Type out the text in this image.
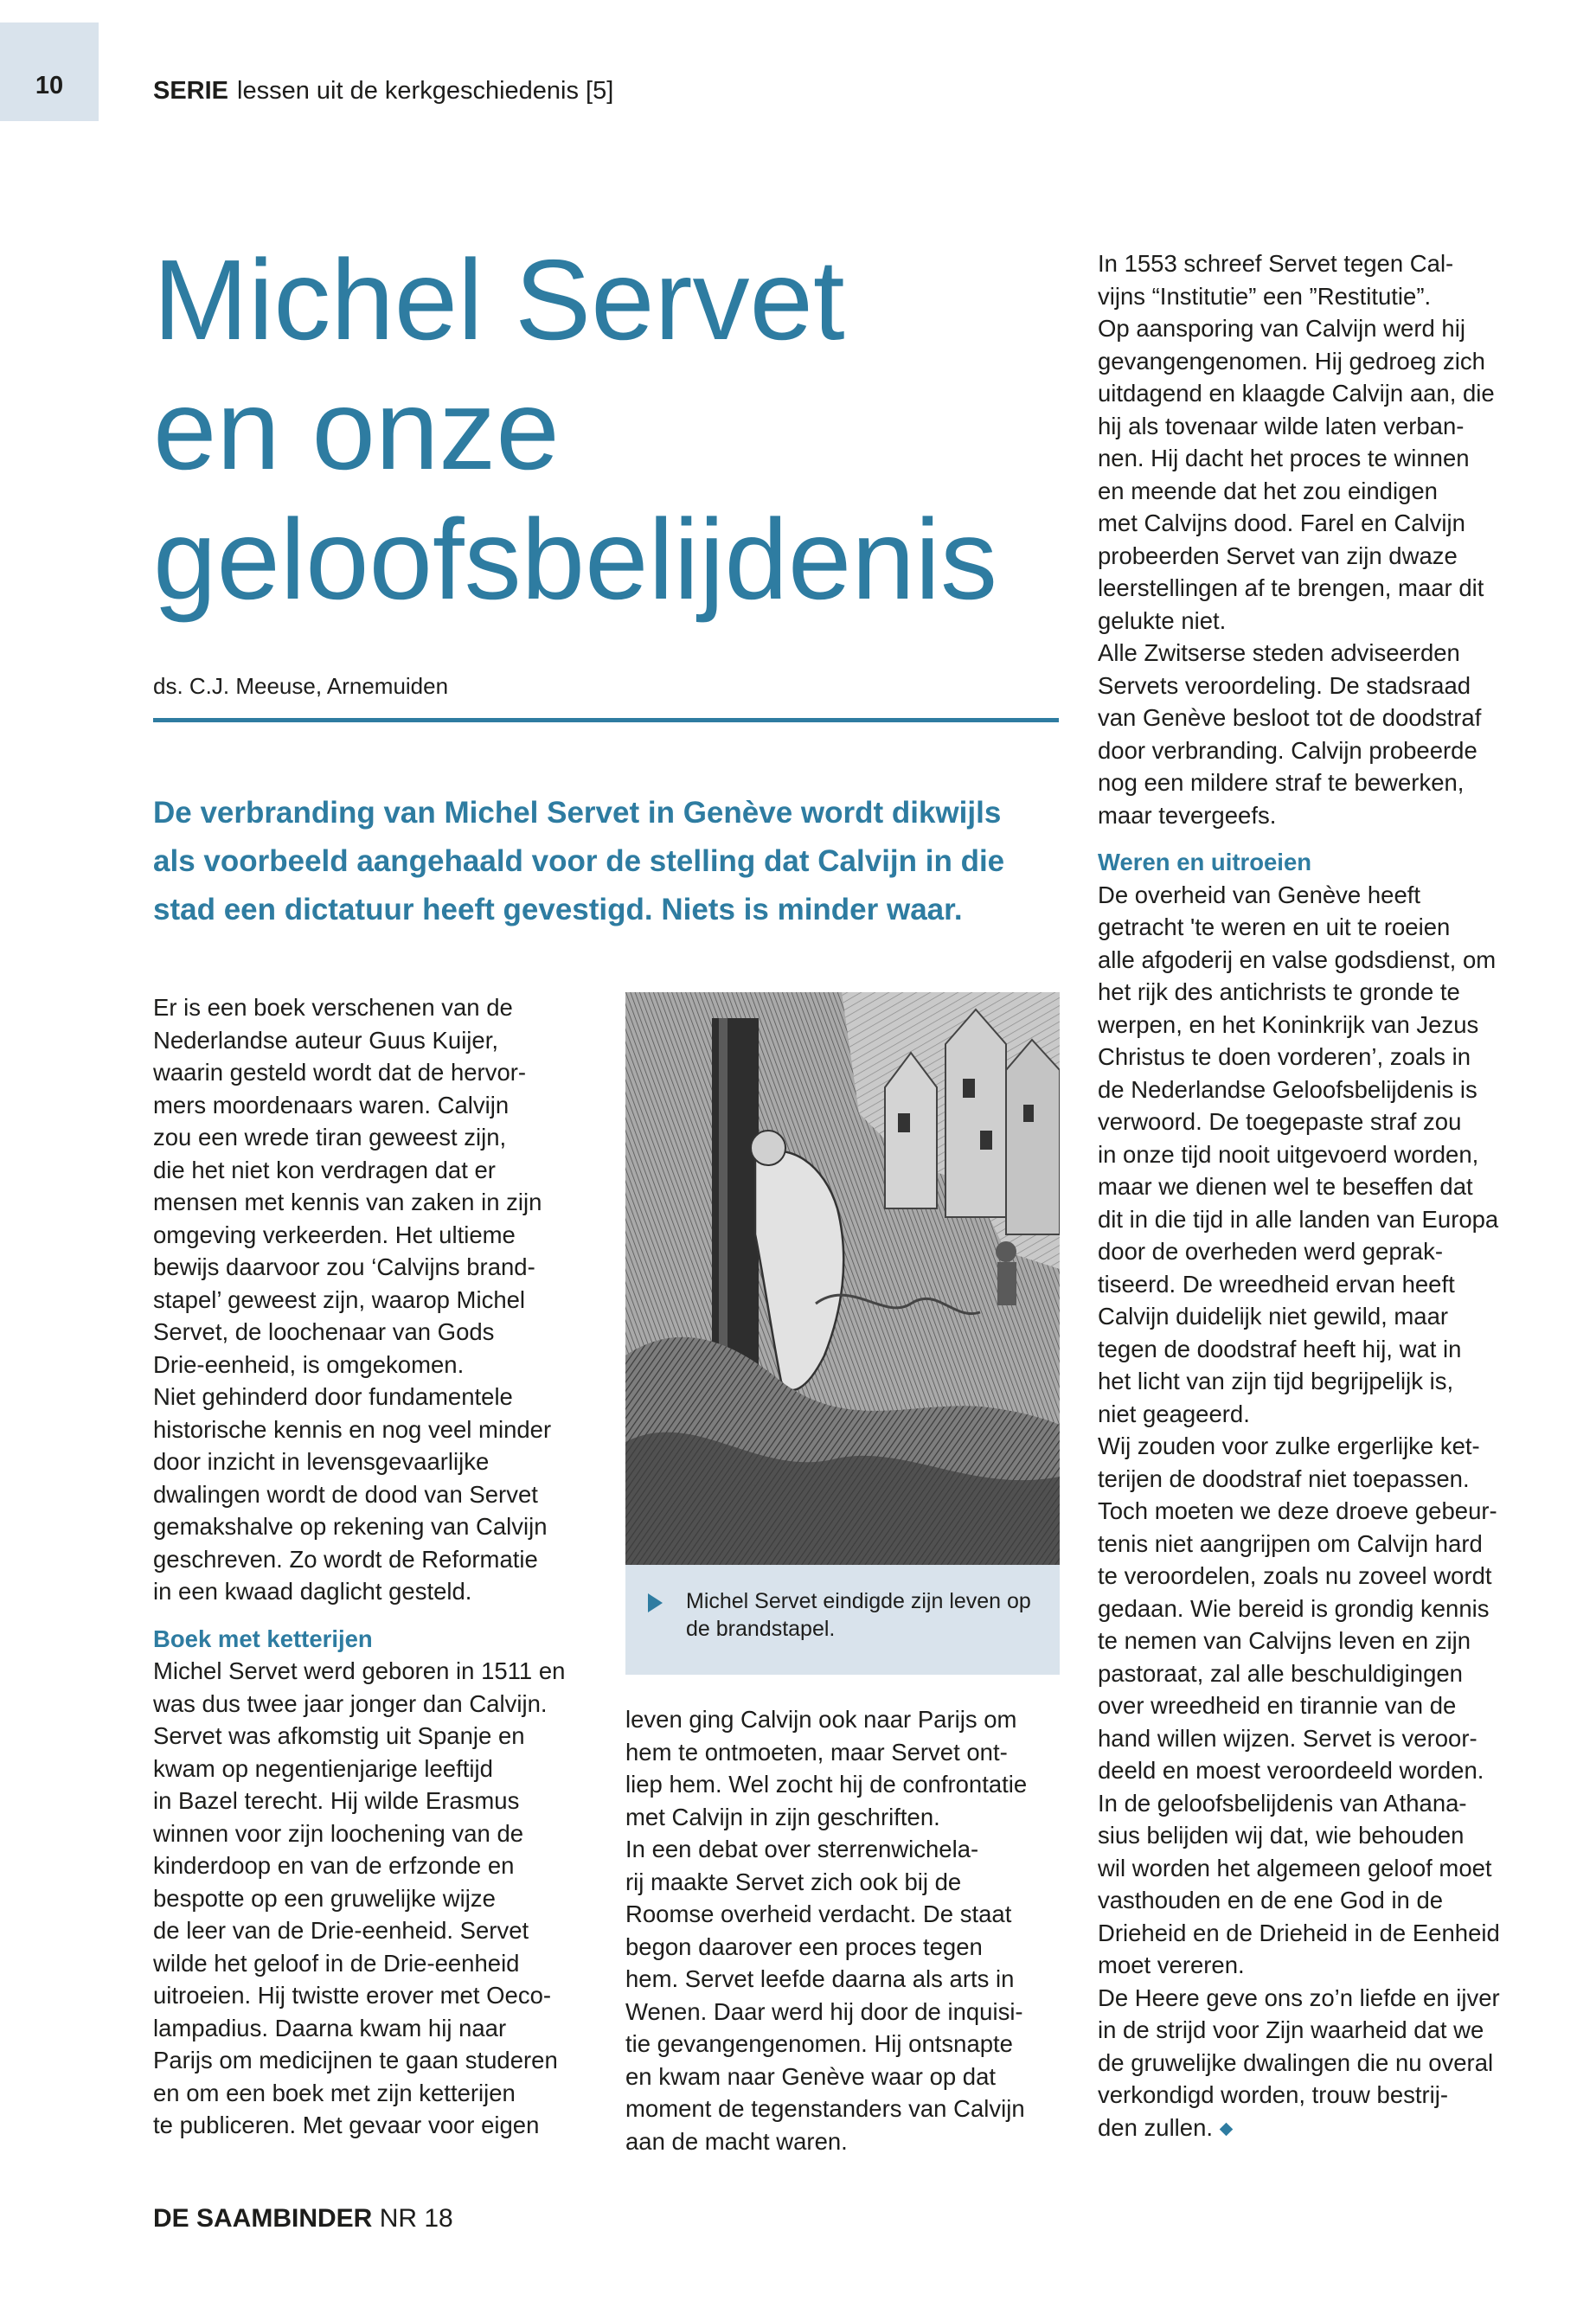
10	SERIE lessen uit de kerkgeschiedenis [5]
Michel Servet
en onze
geloofsbelijdenis
ds. C.J. Meeuse, Arnemuiden
De verbranding van Michel Servet in Genève wordt dikwijls
als voorbeeld aangehaald voor de stelling dat Calvijn in die
stad een dictatuur heeft gevestigd. Niets is minder waar.
Er is een boek verschenen van de
Nederlandse auteur Guus Kuijer,
waarin gesteld wordt dat de hervor-
mers moordenaars waren. Calvijn
zou een wrede tiran geweest zijn,
die het niet kon verdragen dat er
mensen met kennis van zaken in zijn
omgeving verkeerden. Het ultieme
bewijs daarvoor zou ‘Calvijns brand-
stapel’ geweest zijn, waarop Michel
Servet, de loochenaar van Gods
Drie-eenheid, is omgekomen.
Niet gehinderd door fundamentele
historische kennis en nog veel minder
door inzicht in levensgevaarlijke
dwalingen wordt de dood van Servet
gemakshalve op rekening van Calvijn
geschreven. Zo wordt de Reformatie
in een kwaad daglicht gesteld.
Boek met ketterijen
Michel Servet werd geboren in 1511 en
was dus twee jaar jonger dan Calvijn.
Servet was afkomstig uit Spanje en
kwam op negentienjarige leeftijd
in Bazel terecht. Hij wilde Erasmus
winnen voor zijn loochening van de
kinderdoop en van de erfzonde en
bespotte op een gruwelijke wijze
de leer van de Drie-eenheid. Servet
wilde het geloof in de Drie-eenheid
uitroeien. Hij twistte erover met Oeco-
lampadius. Daarna kwam hij naar
Parijs om medicijnen te gaan studeren
en om een boek met zijn ketterijen
te publiceren. Met gevaar voor eigen
Michel Servet eindigde zijn leven op
de brandstapel.
leven ging Calvijn ook naar Parijs om
hem te ontmoeten, maar Servet ont-
liep hem. Wel zocht hij de confrontatie
met Calvijn in zijn geschriften.
In een debat over sterrenwichela-
rij maakte Servet zich ook bij de
Roomse overheid verdacht. De staat
begon daarover een proces tegen
hem. Servet leefde daarna als arts in
Wenen. Daar werd hij door de inquisi-
tie gevangengenomen. Hij ontsnapte
en kwam naar Genève waar op dat
moment de tegenstanders van Calvijn
aan de macht waren.
In 1553 schreef Servet tegen Cal-
vijns “Institutie” een ”Restitutie”.
Op aansporing van Calvijn werd hij
gevangengenomen. Hij gedroeg zich
uitdagend en klaagde Calvijn aan, die
hij als tovenaar wilde laten verban-
nen. Hij dacht het proces te winnen
en meende dat het zou eindigen
met Calvijns dood. Farel en Calvijn
probeerden Servet van zijn dwaze
leerstellingen af te brengen, maar dit
gelukte niet.
Alle Zwitserse steden adviseerden
Servets veroordeling. De stadsraad
van Genève besloot tot de doodstraf
door verbranding. Calvijn probeerde
nog een mildere straf te bewerken,
maar tevergeefs.
Weren en uitroeien
De overheid van Genève heeft
getracht 'te weren en uit te roeien
alle afgoderij en valse godsdienst, om
het rijk des antichrists te gronde te
werpen, en het Koninkrijk van Jezus
Christus te doen vorderen’, zoals in
de Nederlandse Geloofsbelijdenis is
verwoord. De toegepaste straf zou
in onze tijd nooit uitgevoerd worden,
maar we dienen wel te beseffen dat
dit in die tijd in alle landen van Europa
door de overheden werd geprak-
tiseerd. De wreedheid ervan heeft
Calvijn duidelijk niet gewild, maar
tegen de doodstraf heeft hij, wat in
het licht van zijn tijd begrijpelijk is,
niet geageerd.
Wij zouden voor zulke ergerlijke ket-
terijen de doodstraf niet toepassen.
Toch moeten we deze droeve gebeur-
tenis niet aangrijpen om Calvijn hard
te veroordelen, zoals nu zoveel wordt
gedaan. Wie bereid is grondig kennis
te nemen van Calvijns leven en zijn
pastoraat, zal alle beschuldigingen
over wreedheid en tirannie van de
hand willen wijzen. Servet is veroor-
deeld en moest veroordeeld worden.
In de geloofsbelijdenis van Athana-
sius belijden wij dat, wie behouden
wil worden het algemeen geloof moet
vasthouden en de ene God in de
Drieheid en de Drieheid in de Eenheid
moet vereren.
De Heere geve ons zo’n liefde en ijver
in de strijd voor Zijn waarheid dat we
de gruwelijke dwalingen die nu overal
verkondigd worden, trouw bestrij-
den zullen.
DE SAAMBINDER NR 18
